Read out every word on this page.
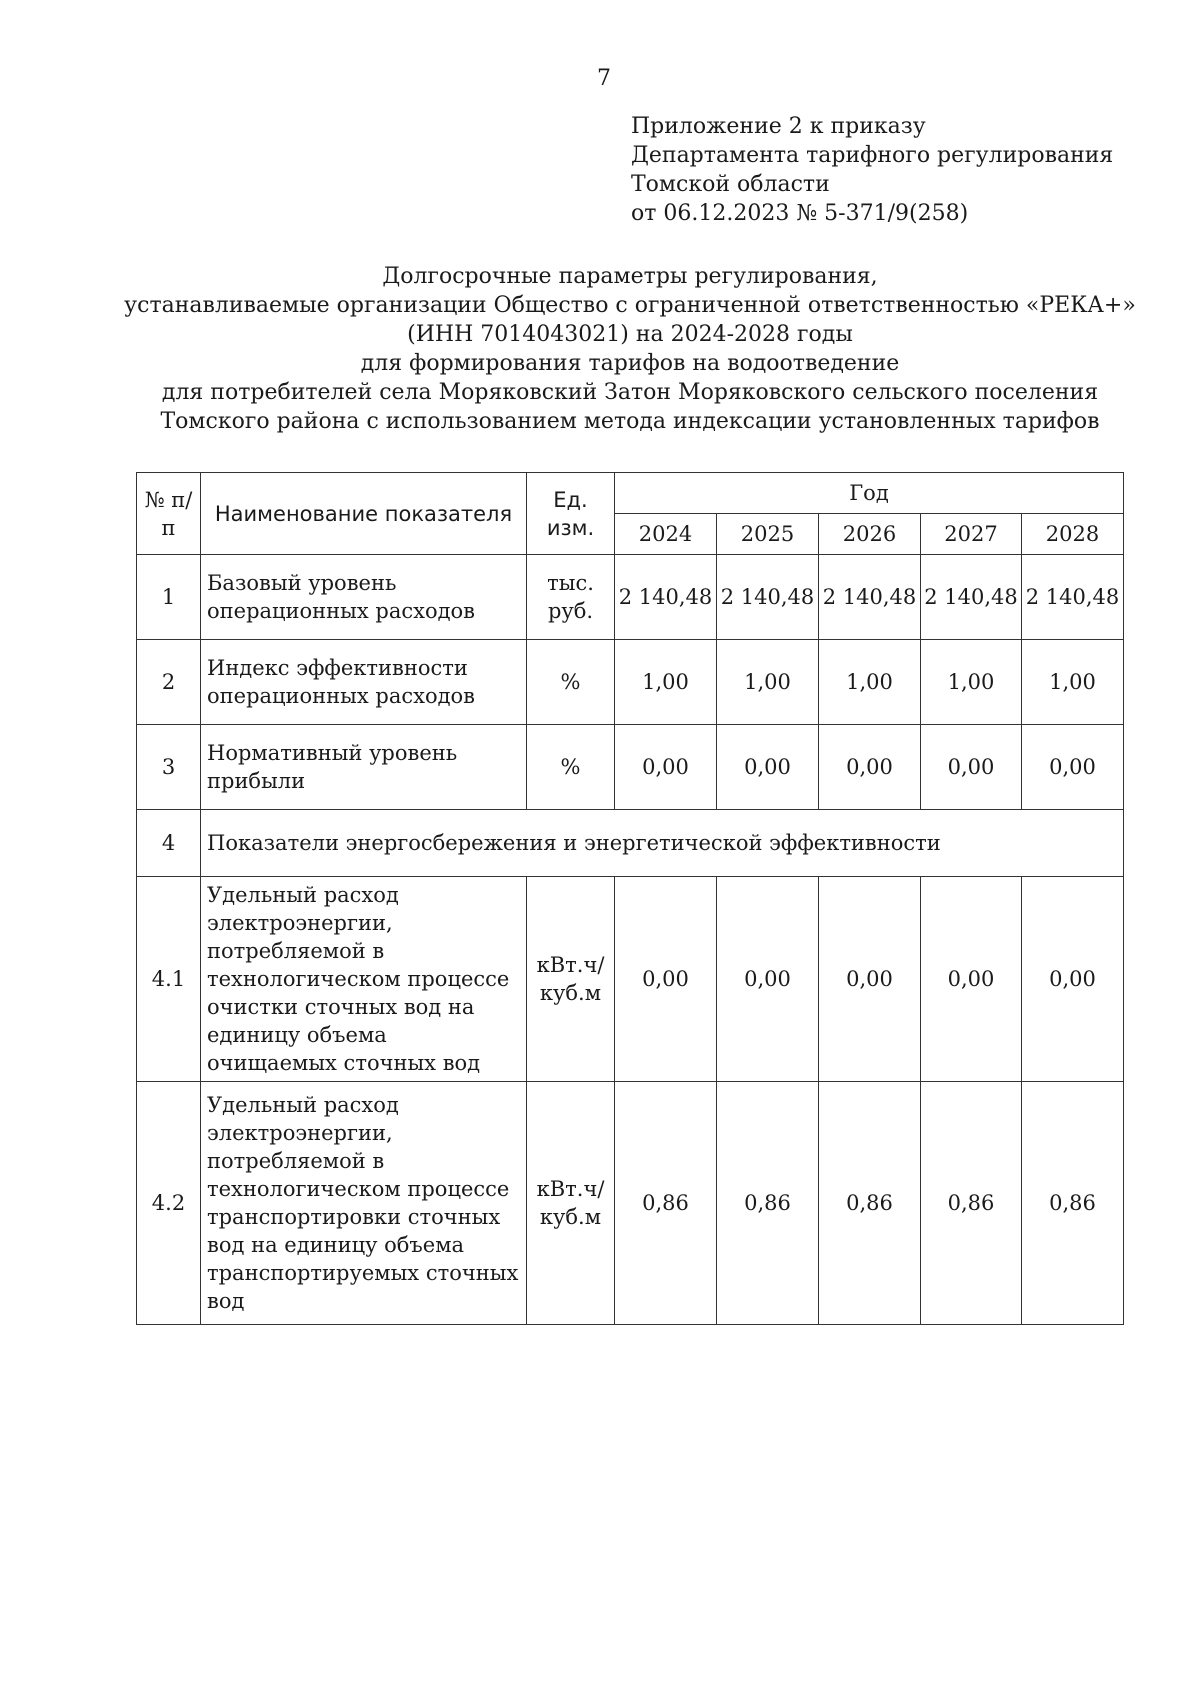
7
Приложение 2 к приказу
Департамента тарифного регулирования
Томской области
от 06.12.2023 № 5-371/9(258)
Долгосрочные параметры регулирования,
устанавливаемые организации Общество с ограниченной ответственностью «РЕКА+»
(ИНН 7014043021) на 2024-2028 годы
для формирования тарифов на водоотведение
для потребителей села Моряковский Затон Моряковского сельского поселения
Томского района с использованием метода индексации установленных тарифов
№ п/п	Наименование показателя	Ед. изм.	Год				
			2024	2025	2026	2027	2028
1	Базовый уровень операционных расходов	тыс. руб.	2 140,48	2 140,48	2 140,48	2 140,48	2 140,48
2	Индекс эффективности операционных расходов	%	1,00	1,00	1,00	1,00	1,00
3	Нормативный уровень прибыли	%	0,00	0,00	0,00	0,00	0,00
4	Показатели энергосбережения и энергетической эффективности						
4.1	Удельный расход электроэнергии, потребляемой в технологическом процессе очистки сточных вод на единицу объема очищаемых сточных вод	кВт.ч/ куб.м	0,00	0,00	0,00	0,00	0,00
4.2	Удельный расход электроэнергии, потребляемой в технологическом процессе транспортировки сточных вод на единицу объема транспортируемых сточных вод	кВт.ч/ куб.м	0,86	0,86	0,86	0,86	0,86
